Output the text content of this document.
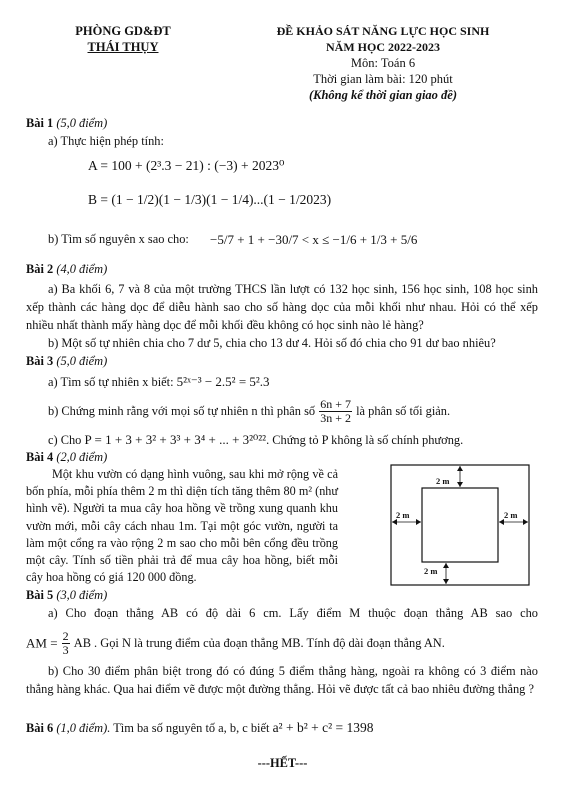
PHÒNG GD&ĐT
THÁI THỤY
ĐỀ KHẢO SÁT NĂNG LỰC HỌC SINH
NĂM HỌC 2022-2023
Môn: Toán 6
Thời gian làm bài: 120 phút
(Không kể thời gian giao đề)
Bài 1 (5,0 điểm)
a) Thực hiện phép tính:
A = 100 + (2³.3 − 21) : (−3) + 2023⁰
B = (1 − 1/2)(1 − 1/3)(1 − 1/4)...(1 − 1/2023)
b) Tìm số nguyên x sao cho: −5/7 + 1 + −30/7 < x ≤ −1/6 + 1/3 + 5/6
Bài 2 (4,0 điểm)
a) Ba khối 6, 7 và 8 của một trường THCS lần lượt có 132 học sinh, 156 học sinh, 108 học sinh xếp thành các hàng dọc để diễu hành sao cho số hàng dọc của mỗi khối như nhau. Hỏi có thể xếp nhiều nhất thành mấy hàng dọc để mỗi khối đều không có học sinh nào lẻ hàng?
b) Một số tự nhiên chia cho 7 dư 5, chia cho 13 dư 4. Hỏi số đó chia cho 91 dư bao nhiêu?
Bài 3 (5,0 điểm)
a) Tìm số tự nhiên x biết: 5²ˣ⁻³ − 2.5² = 5².3
b) Chứng minh rằng với mọi số tự nhiên n thì phân số $\frac{6n + 7}{3n + 2}$ là phân số tối giản.
c) Cho P = 1 + 3 + 3² + 3³ + 3⁴ + ... + 3²⁰²². Chứng tỏ P không là số chính phương.
Bài 4 (2,0 điểm)
Một khu vườn có dạng hình vuông, sau khi mở rộng về cả bốn phía, mỗi phía thêm 2 m thì diện tích tăng thêm 80 m² (như hình vẽ). Người ta mua cây hoa hồng về trồng xung quanh khu vườn mới, mỗi cây cách nhau 1m. Tại một góc vườn, người ta làm một cổng ra vào rộng 2 m sao cho mỗi bên cổng đều trồng một cây. Tính số tiền phải trả để mua cây hoa hồng, biết mỗi cây hoa hồng có giá 120 000 đồng.
2 m
2 m	2 m
2 m
Bài 5 (3,0 điểm)
a) Cho đoạn thẳng AB có độ dài 6 cm. Lấy điểm M thuộc đoạn thẳng AB sao cho
AM = $\frac{2}{3}$ AB . Gọi N là trung điểm của đoạn thẳng MB. Tính độ dài đoạn thẳng AN.
b) Cho 30 điểm phân biệt trong đó có đúng 5 điểm thẳng hàng, ngoài ra không có 3 điểm nào thẳng hàng khác. Qua hai điểm vẽ được một đường thẳng. Hỏi vẽ được tất cả bao nhiêu đường thẳng ?
Bài 6 (1,0 điểm). Tìm ba số nguyên tố a, b, c biết a² + b² + c² = 1398
---HẾT---
